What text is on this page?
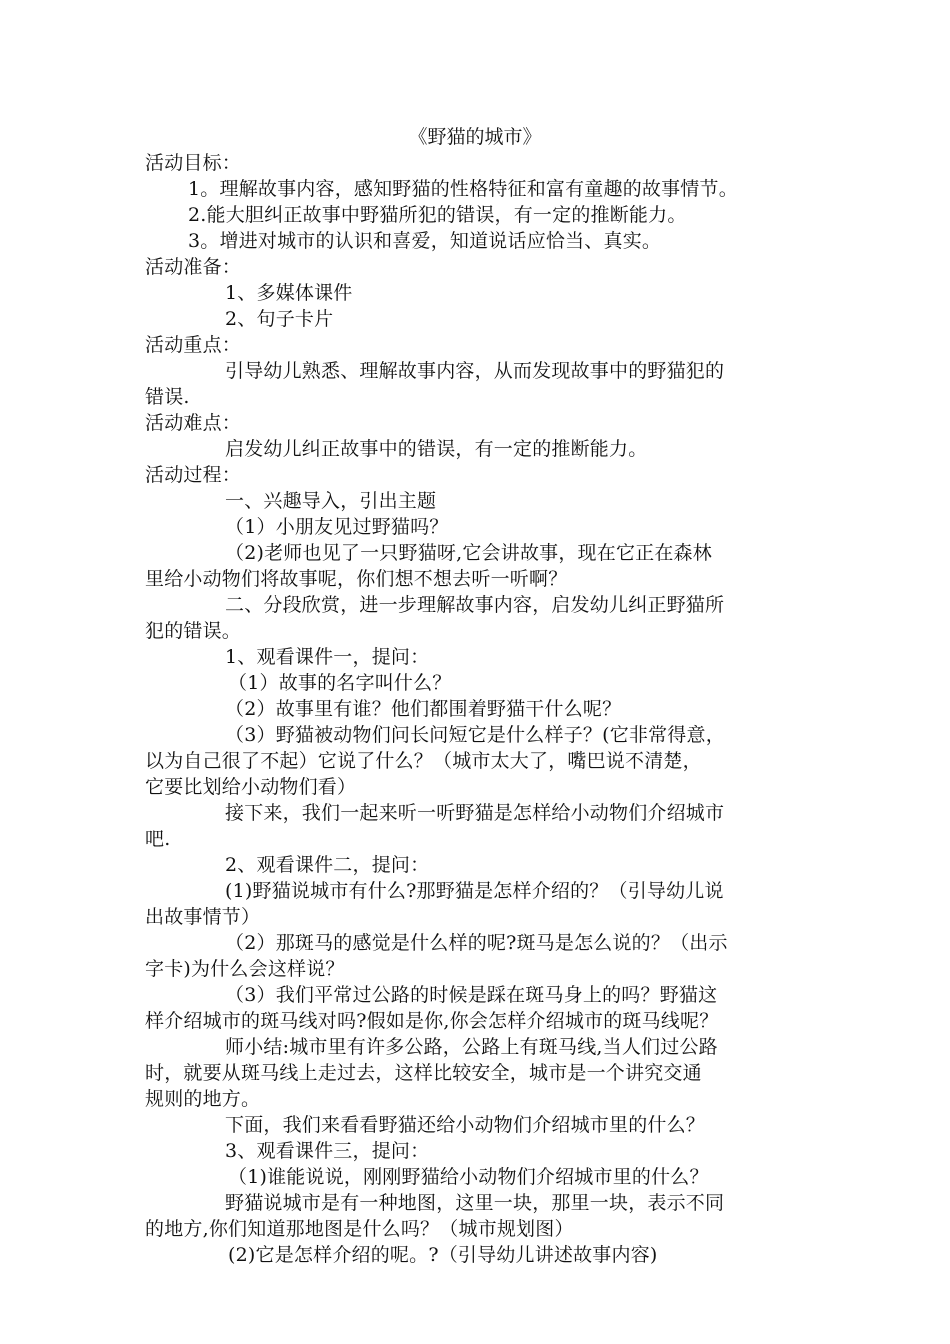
《野猫的城市》
活动目标：
1。理解故事内容，感知野猫的性格特征和富有童趣的故事情节。
2.能大胆纠正故事中野猫所犯的错误，有一定的推断能力。
3。增进对城市的认识和喜爱，知道说话应恰当、真实。
活动准备：
1、多媒体课件
2、句子卡片
活动重点：
引导幼儿熟悉、理解故事内容，从而发现故事中的野猫犯的
错误.
活动难点：
启发幼儿纠正故事中的错误，有一定的推断能力。
活动过程：
一、兴趣导入，引出主题
（1）小朋友见过野猫吗？
（2)老师也见了一只野猫呀,它会讲故事，现在它正在森林
里给小动物们将故事呢，你们想不想去听一听啊？
二、分段欣赏，进一步理解故事内容，启发幼儿纠正野猫所
犯的错误。
1、观看课件一，提问：
（1）故事的名字叫什么？
（2）故事里有谁？他们都围着野猫干什么呢？
（3）野猫被动物们问长问短它是什么样子？(它非常得意，
以为自己很了不起）它说了什么？（城市太大了，嘴巴说不清楚，
它要比划给小动物们看）
接下来，我们一起来听一听野猫是怎样给小动物们介绍城市
吧.
2、观看课件二，提问：
(1)野猫说城市有什么?那野猫是怎样介绍的？（引导幼儿说
出故事情节）
（2）那斑马的感觉是什么样的呢?斑马是怎么说的？（出示
字卡)为什么会这样说？
（3）我们平常过公路的时候是踩在斑马身上的吗？野猫这
样介绍城市的斑马线对吗?假如是你,你会怎样介绍城市的斑马线呢？
师小结:城市里有许多公路，公路上有斑马线,当人们过公路
时，就要从斑马线上走过去，这样比较安全，城市是一个讲究交通
规则的地方。
下面，我们来看看野猫还给小动物们介绍城市里的什么？
3、观看课件三，提问：
（1)谁能说说，刚刚野猫给小动物们介绍城市里的什么？
野猫说城市是有一种地图，这里一块，那里一块，表示不同
的地方,你们知道那地图是什么吗？（城市规划图）
(2)它是怎样介绍的呢。?（引导幼儿讲述故事内容)
